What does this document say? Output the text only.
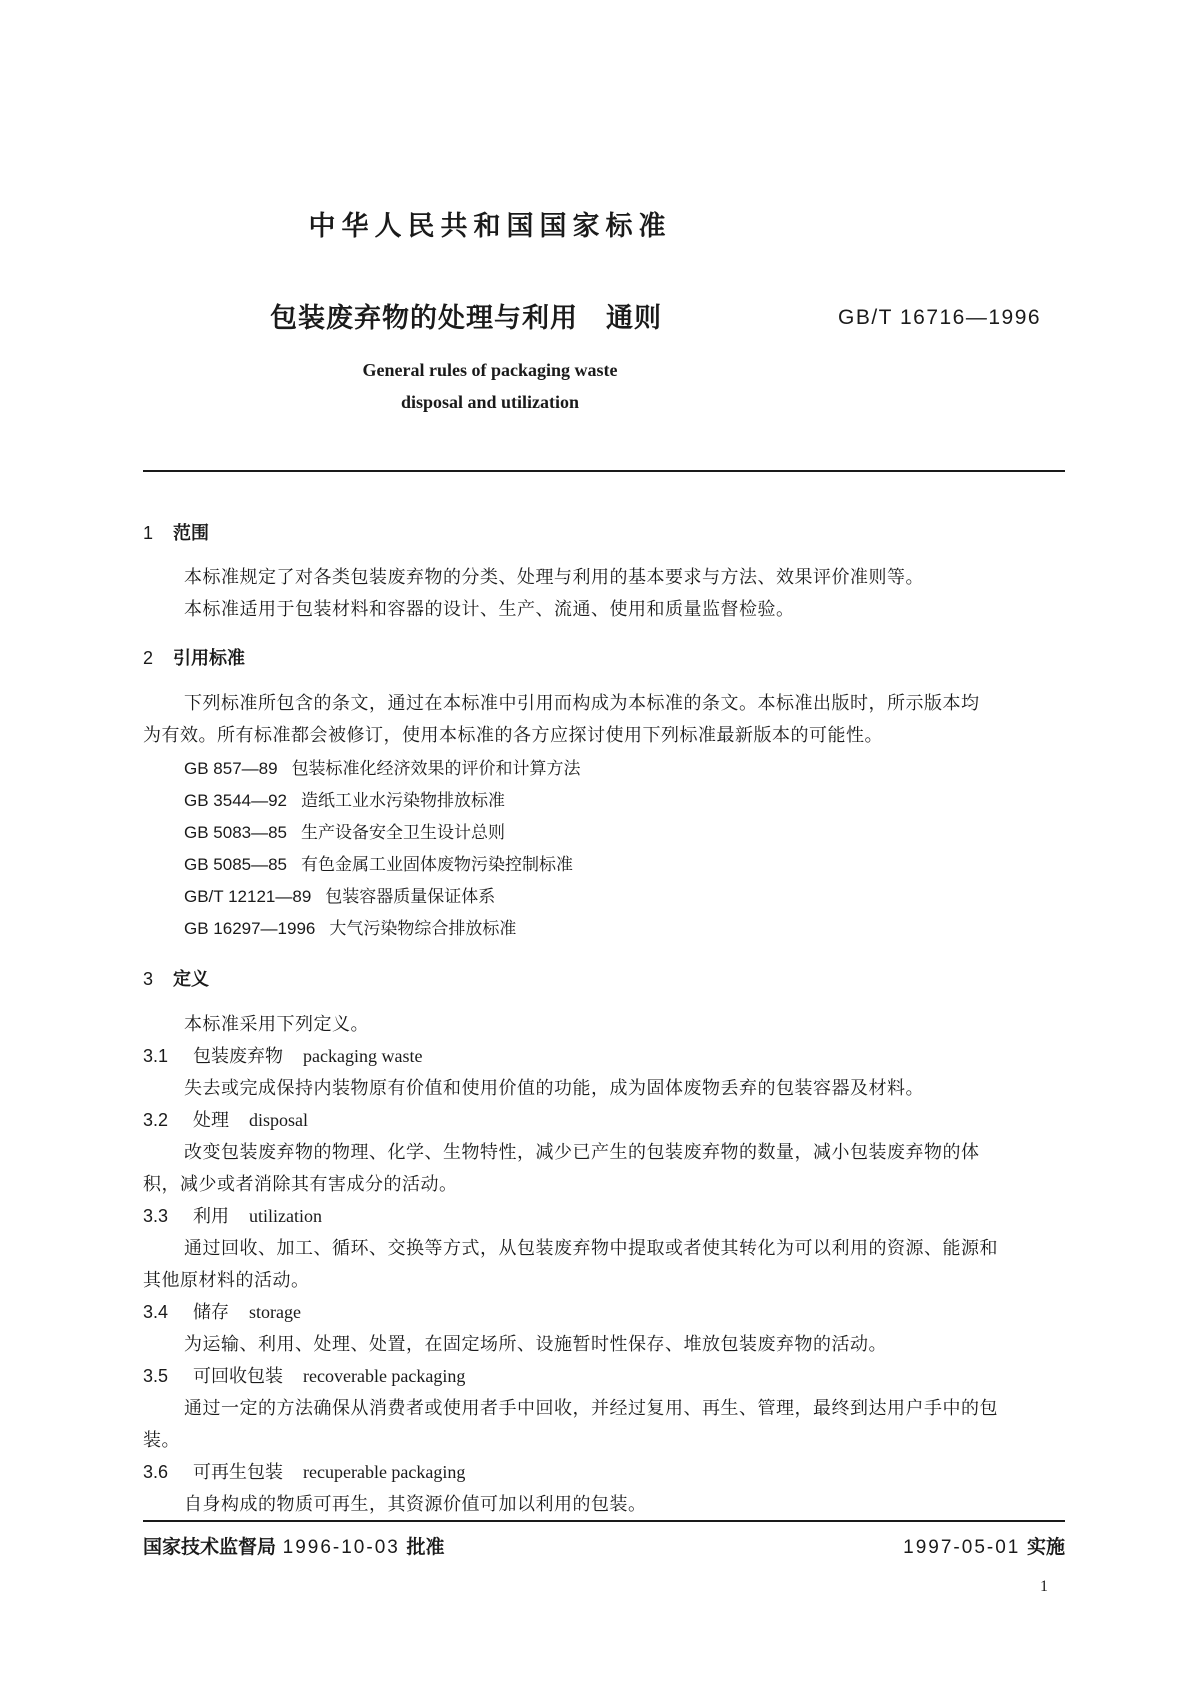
中华人民共和国国家标准
包装废弃物的处理与利用 通则	GB/T 16716—1996
General rules of packaging waste
disposal and utilization
1 范围
本标准规定了对各类包装废弃物的分类、处理与利用的基本要求与方法、效果评价准则等。
本标准适用于包装材料和容器的设计、生产、流通、使用和质量监督检验。
2 引用标准
下列标准所包含的条文，通过在本标准中引用而构成为本标准的条文。本标准出版时，所示版本均
为有效。所有标准都会被修订，使用本标准的各方应探讨使用下列标准最新版本的可能性。
GB 857—89 包装标准化经济效果的评价和计算方法
GB 3544—92 造纸工业水污染物排放标准
GB 5083—85 生产设备安全卫生设计总则
GB 5085—85 有色金属工业固体废物污染控制标准
GB/T 12121—89 包装容器质量保证体系
GB 16297—1996 大气污染物综合排放标准
3 定义
本标准采用下列定义。
3.1 包装废弃物 packaging waste
失去或完成保持内装物原有价值和使用价值的功能，成为固体废物丢弃的包装容器及材料。
3.2 处理 disposal
改变包装废弃物的物理、化学、生物特性，减少已产生的包装废弃物的数量，减小包装废弃物的体
积，减少或者消除其有害成分的活动。
3.3 利用 utilization
通过回收、加工、循环、交换等方式，从包装废弃物中提取或者使其转化为可以利用的资源、能源和
其他原材料的活动。
3.4 储存 storage
为运输、利用、处理、处置，在固定场所、设施暂时性保存、堆放包装废弃物的活动。
3.5 可回收包装 recoverable packaging
通过一定的方法确保从消费者或使用者手中回收，并经过复用、再生、管理，最终到达用户手中的包
装。
3.6 可再生包装 recuperable packaging
自身构成的物质可再生，其资源价值可加以利用的包装。
国家技术监督局 1996-10-03 批准	1997-05-01 实施
1
